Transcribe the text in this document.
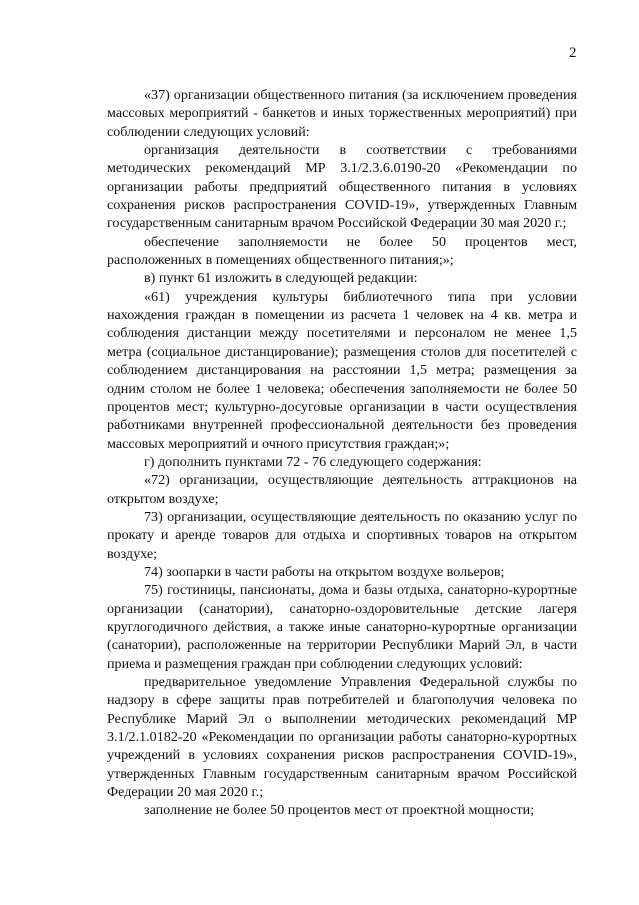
2

«37) организации общественного питания (за исключением проведения массовых мероприятий - банкетов и иных торжественных мероприятий) при соблюдении следующих условий:

организация деятельности в соответствии с требованиями методических рекомендаций МР 3.1/2.3.6.0190-20 «Рекомендации по организации работы предприятий общественного питания в условиях сохранения рисков распространения COVID-19», утвержденных Главным государственным санитарным врачом Российской Федерации 30 мая 2020 г.;

обеспечение заполняемости не более 50 процентов мест, расположенных в помещениях общественного питания;»;

в) пункт 61 изложить в следующей редакции:

«61) учреждения культуры библиотечного типа при условии нахождения граждан в помещении из расчета 1 человек на 4 кв. метра и соблюдения дистанции между посетителями и персоналом не менее 1,5 метра (социальное дистанцирование); размещения столов для посетителей с соблюдением дистанцирования на расстоянии 1,5 метра; размещения за одним столом не более 1 человека; обеспечения заполняемости не более 50 процентов мест; культурно-досуговые организации в части осуществления работниками внутренней профессиональной деятельности без проведения массовых мероприятий и очного присутствия граждан;»;

г) дополнить пунктами 72 - 76 следующего содержания:

«72) организации, осуществляющие деятельность аттракционов на открытом воздухе;

73) организации, осуществляющие деятельность по оказанию услуг по прокату и аренде товаров для отдыха и спортивных товаров на открытом воздухе;

74) зоопарки в части работы на открытом воздухе вольеров;

75) гостиницы, пансионаты, дома и базы отдыха, санаторно-курортные организации (санатории), санаторно-оздоровительные детские лагеря круглогодичного действия, а также иные санаторно-курортные организации (санатории), расположенные на территории Республики Марий Эл, в части приема и размещения граждан при соблюдении следующих условий:

предварительное уведомление Управления Федеральной службы по надзору в сфере защиты прав потребителей и благополучия человека по Республике Марий Эл о выполнении методических рекомендаций МР 3.1/2.1.0182-20 «Рекомендации по организации работы санаторно-курортных учреждений в условиях сохранения рисков распространения COVID-19», утвержденных Главным государственным санитарным врачом Российской Федерации 20 мая 2020 г.;

заполнение не более 50 процентов мест от проектной мощности;
